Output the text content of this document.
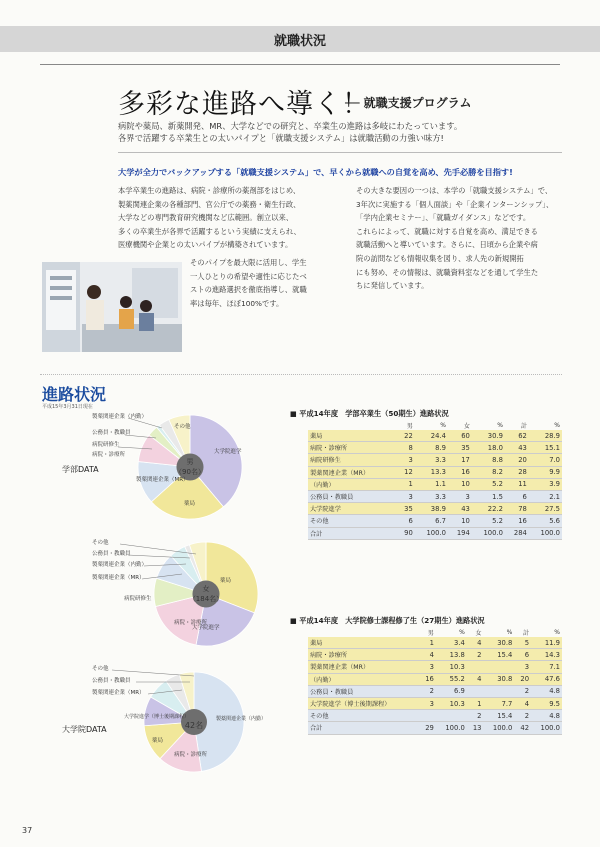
就職状況
多彩な進路へ導く！
── 就職支援プログラム
病院や薬局、新薬開発、MR、大学などでの研究と、卒業生の進路は多岐にわたっています。
各界で活躍する卒業生との太いパイプと「就職支援システム」は就職活動の力強い味方!
大学が全力でバックアップする「就職支援システム」で、早くから就職への自覚を高め、先手必勝を目指す!
本学卒業生の進路は、病院・診療所の薬剤部をはじめ、
製薬関連企業の各種部門、官公庁での薬務・衛生行政、
大学などの専門教育研究機関など広範囲。創立以来、
多くの卒業生が各界で活躍するという実績に支えられ、
医療機関や企業との太いパイプが構築されています。
そのパイプを最大限に活用し、学生
一人ひとりの希望や適性に応じたベ
ストの進路選択を徹底指導し、就職
率は毎年、ほぼ100%です。
その大きな要因の一つは、本学の「就職支援システム」で、
3年次に実施する「個人面談」や「企業インターンシップ」、
「学内企業セミナー」、「就職ガイダンス」などです。
これらによって、就職に対する自覚を高め、満足できる
就職活動へと導いています。さらに、日頃から企業や病
院の訪問なども情報収集を図り、求人先の新規開拓
にも努め、その情報は、就職資料室などを通して学生た
ちに発信しています。
進路状況
平成15年3月31日現在
学部DATA
製薬関連企業（内勤）
公務員・教職員
病院研修生
病院・診療所
その他
大学院進学
薬局
製薬関連企業（MR）
男
（90名）
その他
公務員・教職員
製薬関連企業（内勤）
製薬関連企業（MR）
病院研修生
病院・診療所
大学院進学
薬局
女
（184名）
大学院DATA
その他
公務員・教職員
製薬関連企業（MR）
大学院進学（博士後期課程）
薬局
病院・診療所
製薬関連企業（内勤）
42名
■ 平成14年度　学部卒業生（50期生）進路状況
	男	%	女	%	計	%
薬局	22	24.4	60	30.9	62	28.9
病院・診療所	8	8.9	35	18.0	43	15.1
病院研修生	3	3.3	17	8.8	20	7.0
製薬関連企業（MR）	12	13.3	16	8.2	28	9.9
（内勤）	1	1.1	10	5.2	11	3.9
公務員・教職員	3	3.3	3	1.5	6	2.1
大学院進学	35	38.9	43	22.2	78	27.5
その他	6	6.7	10	5.2	16	5.6
合計	90	100.0	194	100.0	284	100.0
■ 平成14年度　大学院修士課程修了生（27期生）進路状況
	男	%	女	%	計	%
薬局	1	3.4	4	30.8	5	11.9
病院・診療所	4	13.8	2	15.4	6	14.3
製薬関連企業（MR）	3	10.3			3	7.1
（内勤）	16	55.2	4	30.8	20	47.6
公務員・教職員	2	6.9			2	4.8
大学院進学（博士後期課程）	3	10.3	1	7.7	4	9.5
その他			2	15.4	2	4.8
合計	29	100.0	13	100.0	42	100.0
37
